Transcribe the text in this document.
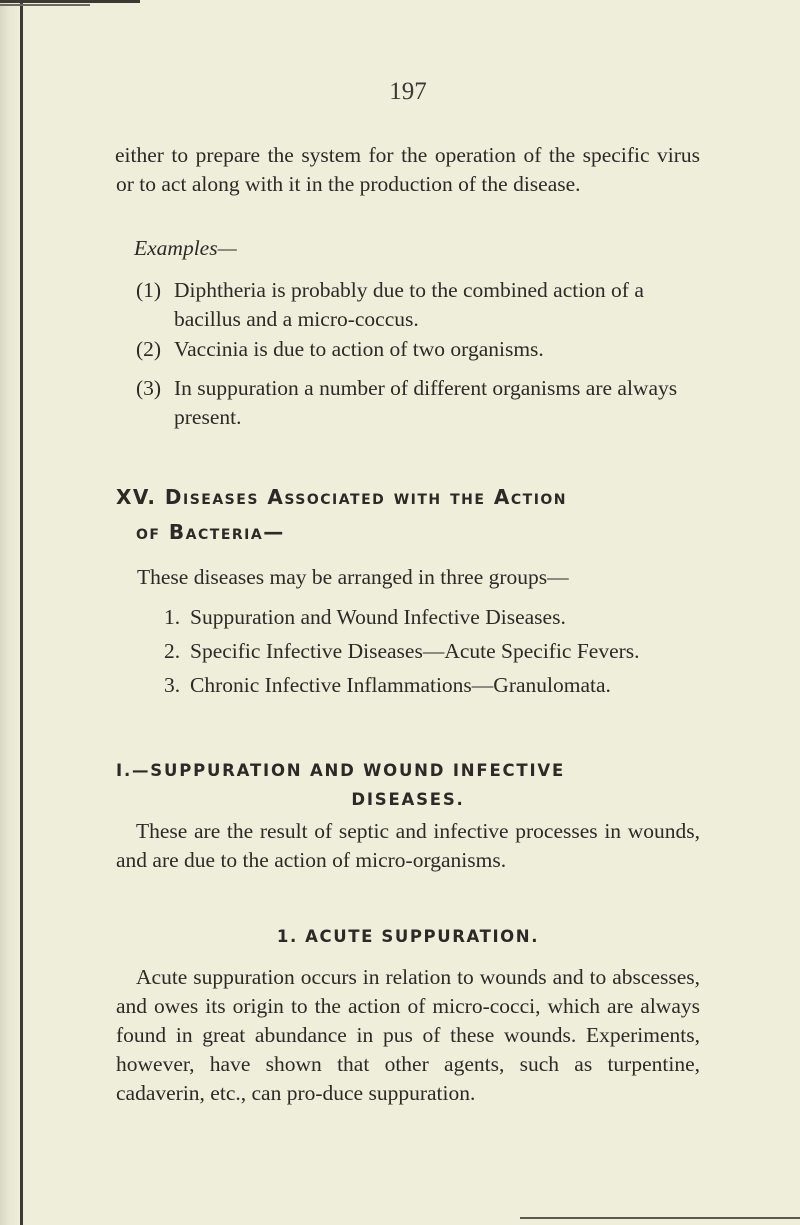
197

either to prepare the system for the operation of the specific virus or to act along with it in the production of the disease.

Examples—
(1) Diphtheria is probably due to the combined action of a bacillus and a micro-coccus.
(2) Vaccinia is due to action of two organisms.
(3) In suppuration a number of different organisms are always present.
XV. Diseases Associated with the Action
of Bacteria—
These diseases may be arranged in three groups—
1. Suppuration and Wound Infective Diseases.
2. Specific Infective Diseases—Acute Specific Fevers.
3. Chronic Infective Inflammations—Granulomata.
I.—SUPPURATION AND WOUND INFECTIVE
DISEASES.

These are the result of septic and infective processes in wounds, and are due to the action of micro-organisms.

1. ACUTE SUPPURATION.

Acute suppuration occurs in relation to wounds and to abscesses, and owes its origin to the action of micro-cocci, which are always found in great abundance in pus of these wounds. Experiments, however, have shown that other agents, such as turpentine, cadaverin, etc., can pro-duce suppuration.
